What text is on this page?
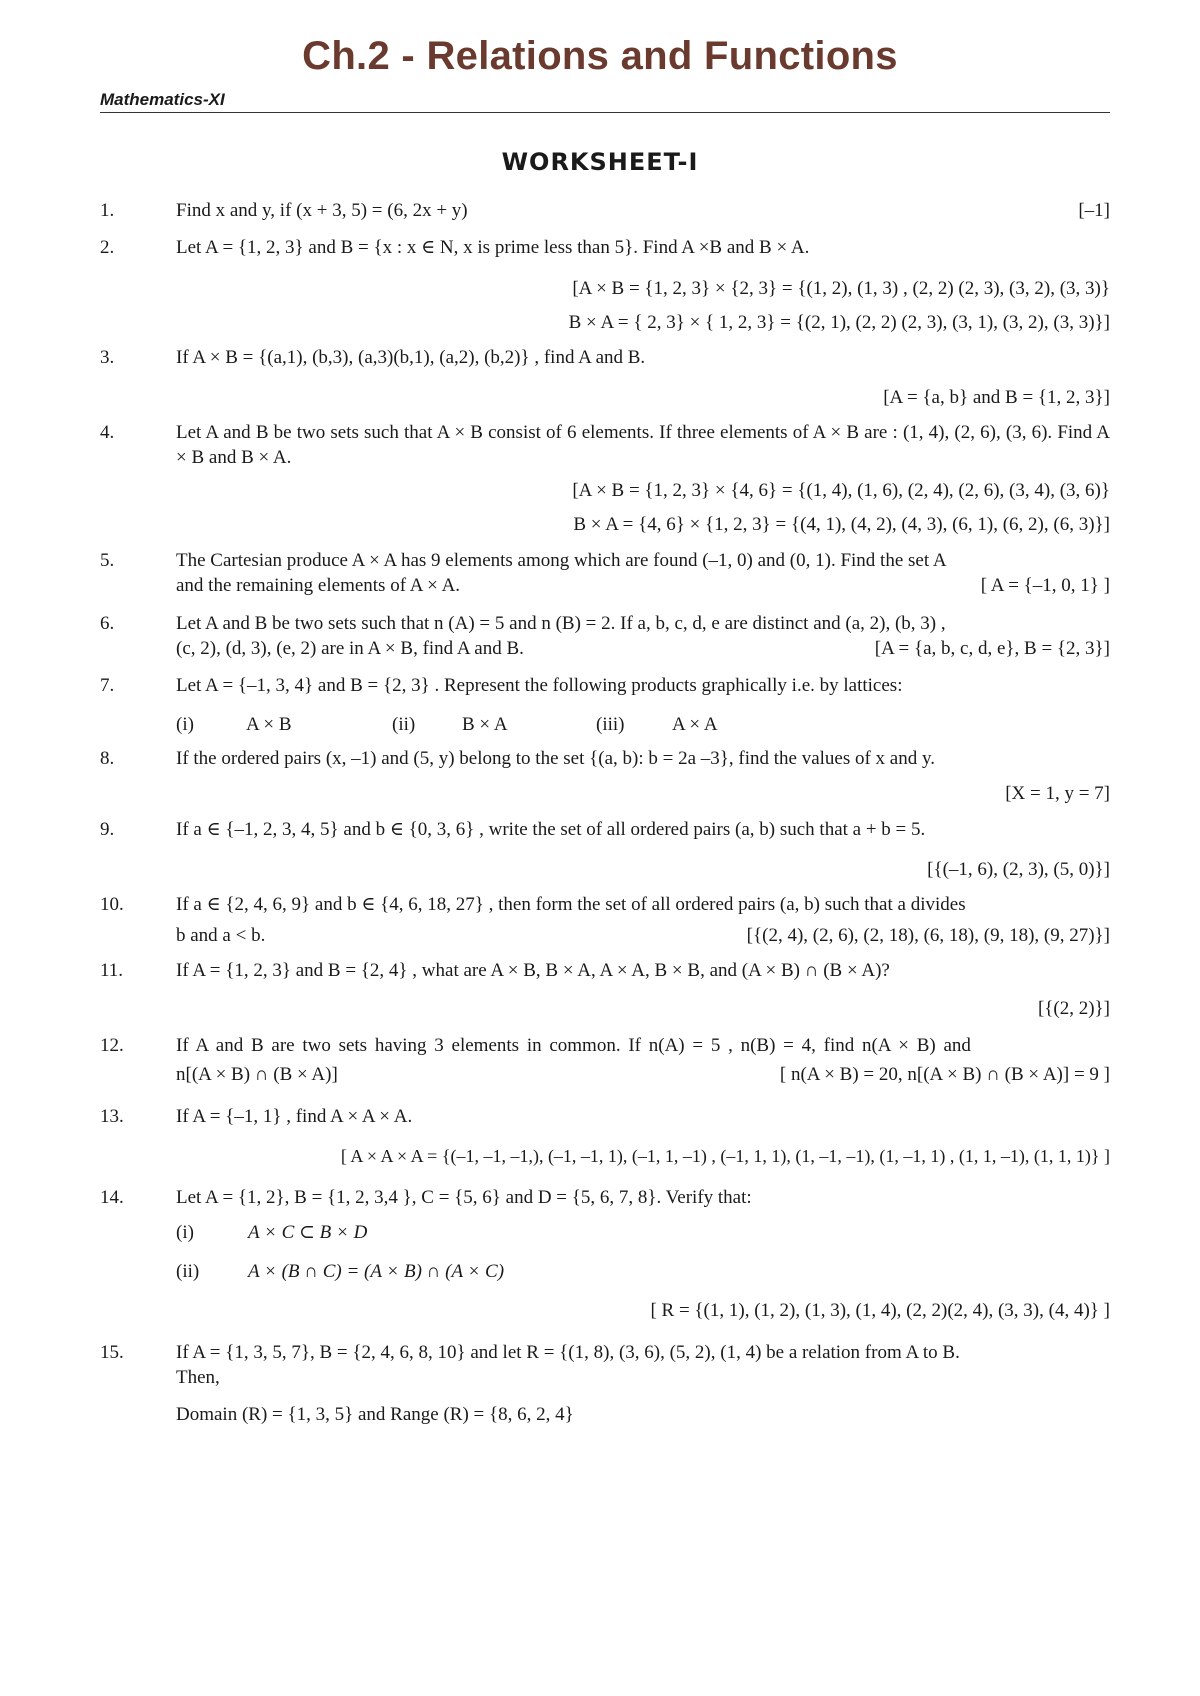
Ch.2 - Relations and Functions
Mathematics-XI
WORKSHEET-I
1.	Find x and y, if (x + 3, 5) = (6, 2x + y)	[–1]
2.	Let A = {1, 2, 3} and B = {x : x ∈ N, x is prime less than 5}. Find A ×B and B × A.
[A × B = {1, 2, 3} × {2, 3} = {(1, 2), (1, 3) , (2, 2) (2, 3), (3, 2), (3, 3)}
B × A = { 2, 3} × { 1, 2, 3} = {(2, 1), (2, 2) (2, 3), (3, 1), (3, 2), (3, 3)}]
3.	If A × B = {(a,1), (b,3), (a,3)(b,1), (a,2), (b,2)} , find A and B.
[A = {a, b} and B = {1, 2, 3}]
4.	Let A and B be two sets such that A × B consist of 6 elements. If three elements of A × B are : (1, 4), (2, 6), (3, 6). Find A × B and B × A.
[A × B = {1, 2, 3} × {4, 6} = {(1, 4), (1, 6), (2, 4), (2, 6), (3, 4), (3, 6)}
B × A = {4, 6} × {1, 2, 3} = {(4, 1), (4, 2), (4, 3), (6, 1), (6, 2), (6, 3)}]
5.	The Cartesian produce A × A has 9 elements among which are found (–1, 0) and (0, 1). Find the set A
and the remaining elements of A × A.	[ A = {–1, 0, 1} ]
6.	Let A and B be two sets such that n (A) = 5 and n (B) = 2. If a, b, c, d, e are distinct and (a, 2), (b, 3) ,
(c, 2), (d, 3), (e, 2) are in A × B, find A and B.	[A = {a, b, c, d, e}, B = {2, 3}]
7.	Let A = {–1, 3, 4} and B = {2, 3} . Represent the following products graphically i.e. by lattices:
(i)	A × B	(ii) B × A	(iii)	A × A
8.	If the ordered pairs (x, –1) and (5, y) belong to the set {(a, b): b = 2a –3}, find the values of x and y.
[X = 1, y = 7]
9.	If a ∈ {–1, 2, 3, 4, 5} and b ∈ {0, 3, 6} , write the set of all ordered pairs (a, b) such that a + b = 5.
[{(–1, 6), (2, 3), (5, 0)}]
10.	If a ∈ {2, 4, 6, 9} and b ∈ {4, 6, 18, 27} , then form the set of all ordered pairs (a, b) such that a divides
b and a < b.	[{(2, 4), (2, 6), (2, 18), (6, 18), (9, 18), (9, 27)}]
11.	If A = {1, 2, 3} and B = {2, 4} , what are A × B, B × A, A × A, B × B, and (A × B) ∩ (B × A)?
[{(2, 2)}]
12.	If A and B are two sets having 3 elements in common. If n(A) = 5 , n(B) = 4, find n(A × B) and
n[(A × B) ∩ (B × A)]	[ n(A × B) = 20, n[(A × B) ∩ (B × A)] = 9 ]
13.	If A = {–1, 1} , find A × A × A.
[ A × A × A = {(–1, –1, –1,), (–1, –1, 1), (–1, 1, –1) , (–1, 1, 1), (1, –1, –1), (1, –1, 1) , (1, 1, –1), (1, 1, 1)} ]
14.	Let A = {1, 2}, B = {1, 2, 3,4 }, C = {5, 6} and D = {5, 6, 7, 8}. Verify that:
(i)	A × C ⊂ B × D
(ii)	A × (B ∩ C) = (A × B) ∩ (A × C)
[ R = {(1, 1), (1, 2), (1, 3), (1, 4), (2, 2)(2, 4), (3, 3), (4, 4)} ]
15.	If A = {1, 3, 5, 7}, B = {2, 4, 6, 8, 10} and let R = {(1, 8), (3, 6), (5, 2), (1, 4) be a relation from A to B.
Then,
Domain (R) = {1, 3, 5} and Range (R) = {8, 6, 2, 4}
